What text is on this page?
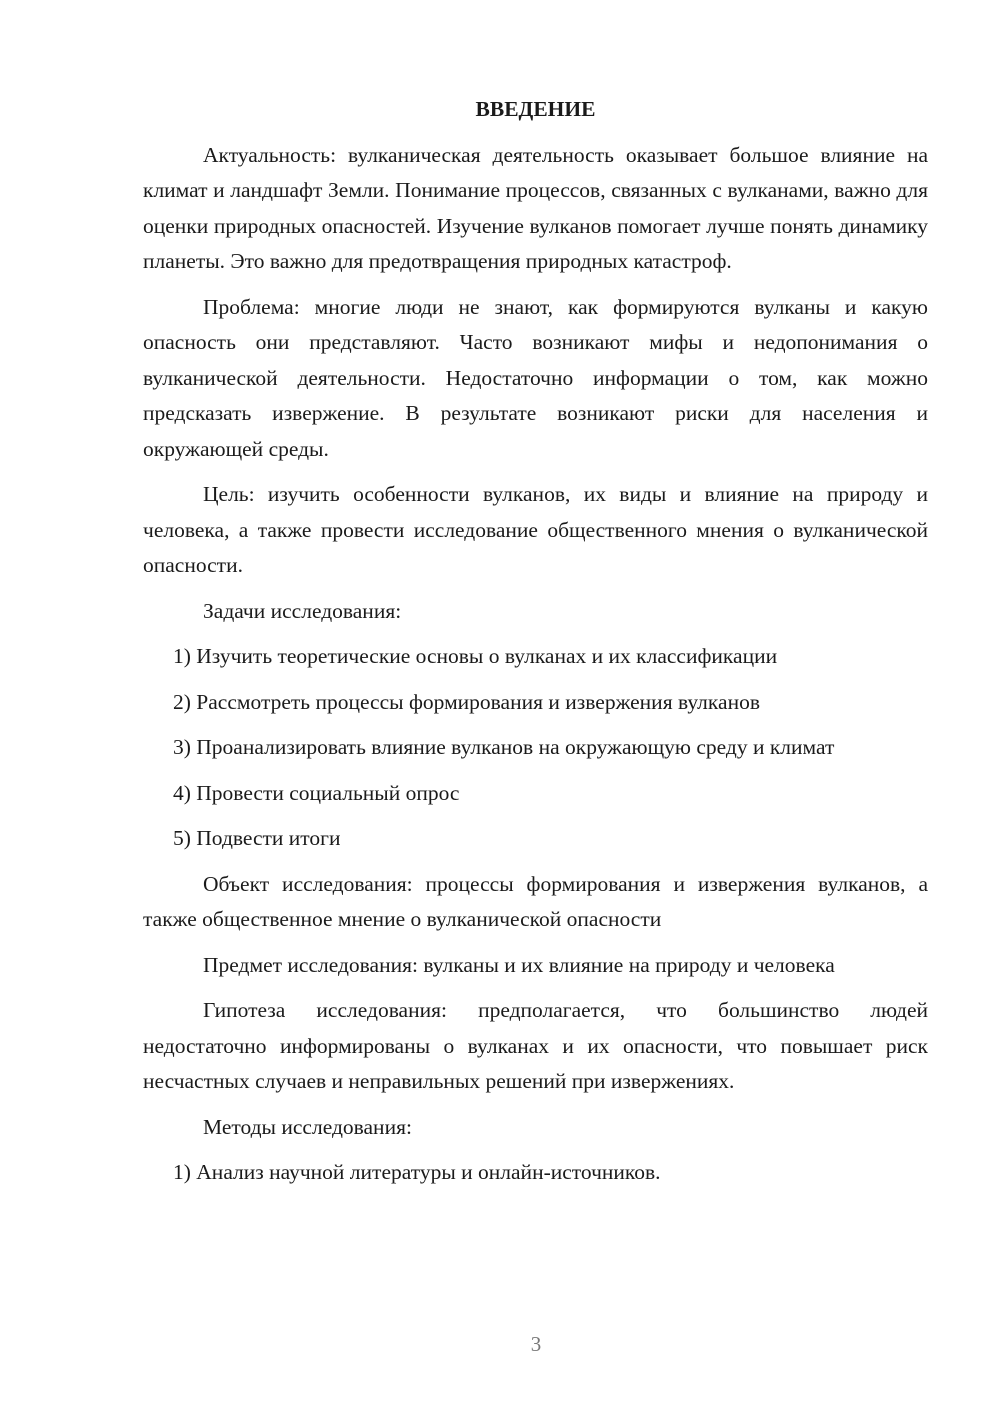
ВВЕДЕНИЕ

Актуальность: вулканическая деятельность оказывает большое влияние на климат и ландшафт Земли. Понимание процессов, связанных с вулканами, важно для оценки природных опасностей. Изучение вулканов помогает лучше понять динамику планеты. Это важно для предотвращения природных катастроф.

Проблема: многие люди не знают, как формируются вулканы и какую опасность они представляют. Часто возникают мифы и недопонимания о вулканической деятельности. Недостаточно информации о том, как можно предсказать извержение. В результате возникают риски для населения и окружающей среды.

Цель: изучить особенности вулканов, их виды и влияние на природу и человека, а также провести исследование общественного мнения о вулканической опасности.

Задачи исследования:

1) Изучить теоретические основы о вулканах и их классификации

2) Рассмотреть процессы формирования и извержения вулканов

3) Проанализировать влияние вулканов на окружающую среду и климат

4) Провести социальный опрос

5) Подвести итоги

Объект исследования: процессы формирования и извержения вулканов, а также общественное мнение о вулканической опасности

Предмет исследования: вулканы и их влияние на природу и человека

Гипотеза исследования: предполагается, что большинство людей недостаточно информированы о вулканах и их опасности, что повышает риск несчастных случаев и неправильных решений при извержениях.

Методы исследования:

1) Анализ научной литературы и онлайн-источников.

3
